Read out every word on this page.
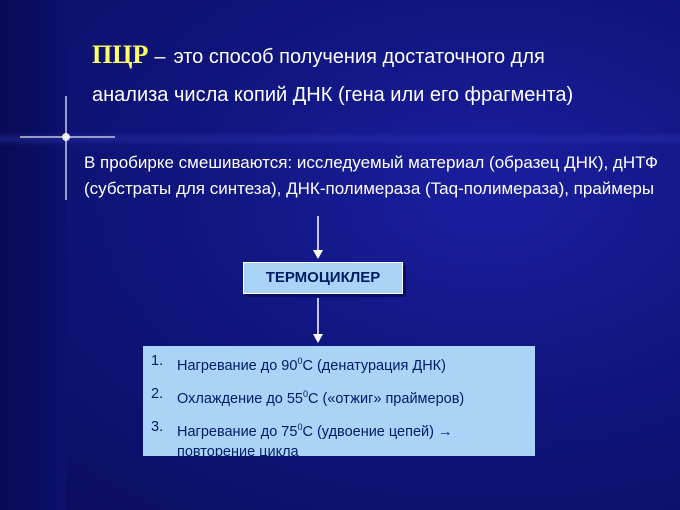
ПЦР – это способ получения достаточного для
анализа числа копий ДНК (гена или его фрагмента)
В пробирке смешиваются: исследуемый материал (образец ДНК), дНТФ (субстраты для синтеза), ДНК-полимераза (Taq-полимераза), праймеры
ТЕРМОЦИКЛЕР
1. Нагревание до $90^0С$ (денатурация ДНК)
2. Охлаждение до $55^0С$ («отжиг» праймеров)
3. Нагревание до $75^0С$ (удвоение цепей) →
повторение цикла
